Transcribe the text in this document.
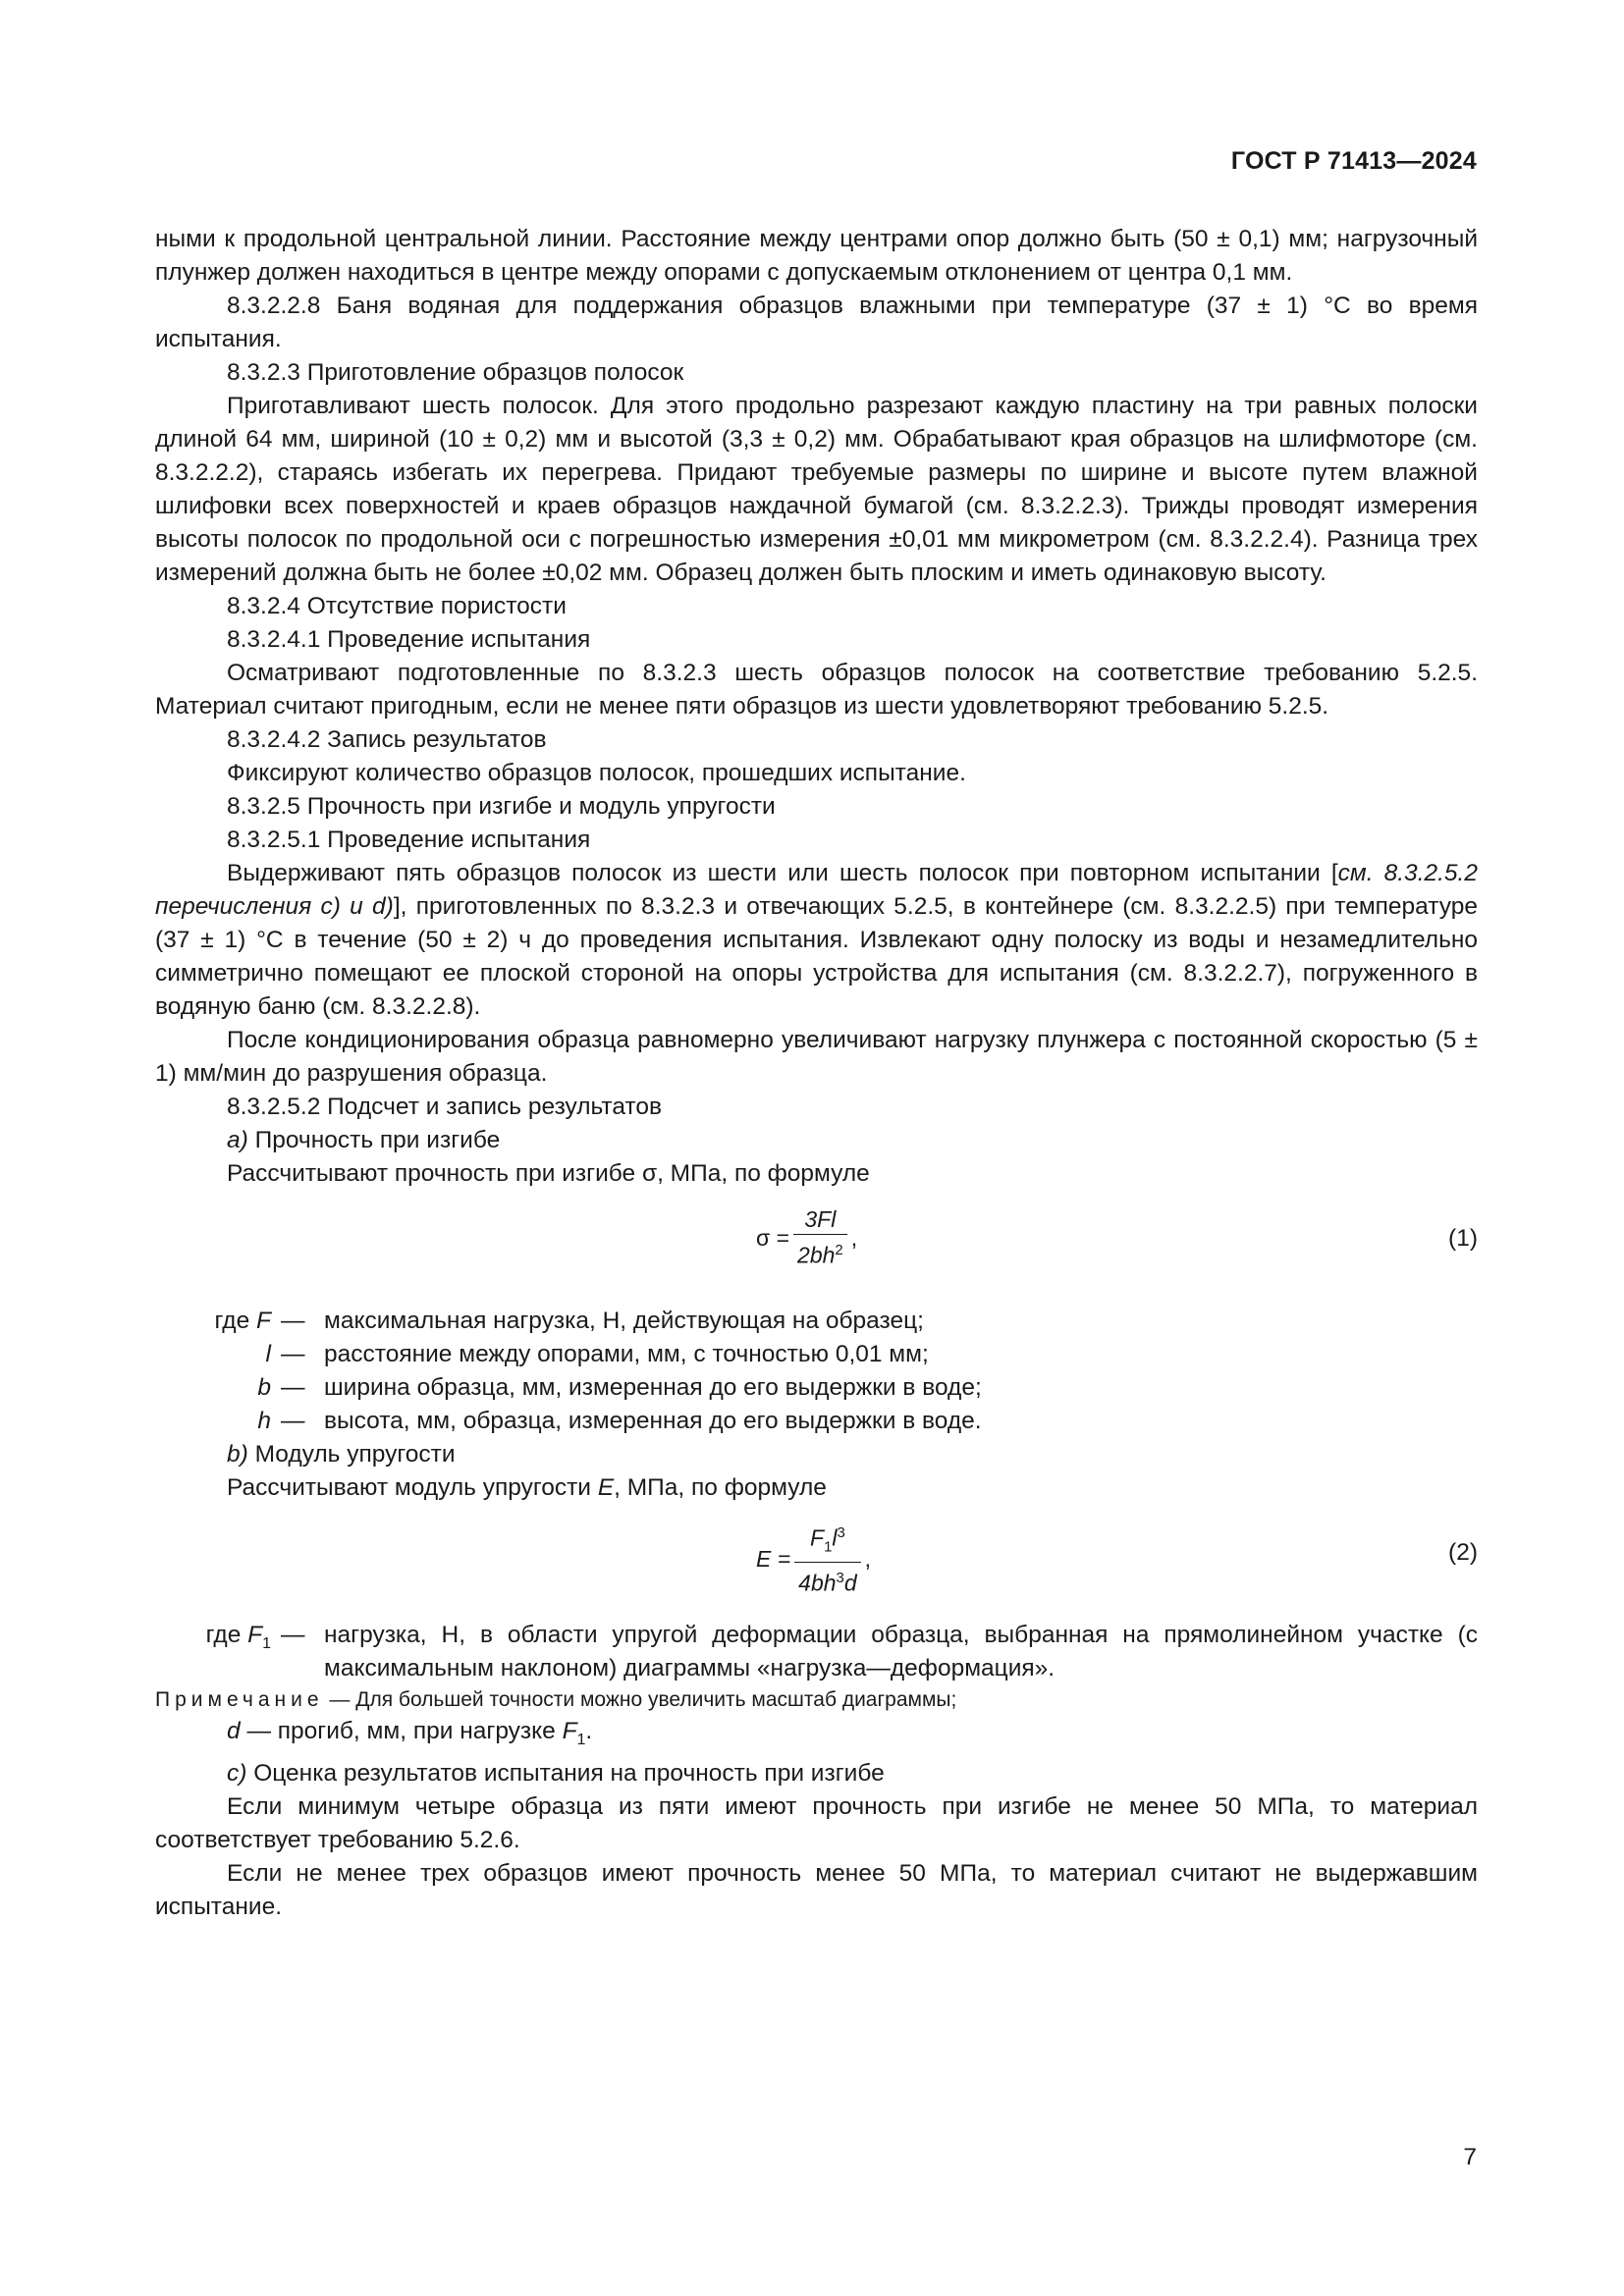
ГОСТ Р 71413—2024

ными к продольной центральной линии. Расстояние между центрами опор должно быть (50 ± 0,1) мм; нагрузочный плунжер должен находиться в центре между опорами с допускаемым отклонением от центра 0,1 мм.

8.3.2.2.8 Баня водяная для поддержания образцов влажными при температуре (37 ± 1) °С во время испытания.

8.3.2.3 Приготовление образцов полосок

Приготавливают шесть полосок. Для этого продольно разрезают каждую пластину на три равных полоски длиной 64 мм, шириной (10 ± 0,2) мм и высотой (3,3 ± 0,2) мм. Обрабатывают края образцов на шлифмоторе (см. 8.3.2.2.2), стараясь избегать их перегрева. Придают требуемые размеры по ширине и высоте путем влажной шлифовки всех поверхностей и краев образцов наждачной бумагой (см. 8.3.2.2.3). Трижды проводят измерения высоты полосок по продольной оси с погрешностью измерения ±0,01 мм микрометром (см. 8.3.2.2.4). Разница трех измерений должна быть не более ±0,02 мм. Образец должен быть плоским и иметь одинаковую высоту.

8.3.2.4 Отсутствие пористости

8.3.2.4.1 Проведение испытания

Осматривают подготовленные по 8.3.2.3 шесть образцов полосок на соответствие требованию 5.2.5. Материал считают пригодным, если не менее пяти образцов из шести удовлетворяют требованию 5.2.5.

8.3.2.4.2 Запись результатов

Фиксируют количество образцов полосок, прошедших испытание.

8.3.2.5 Прочность при изгибе и модуль упругости

8.3.2.5.1 Проведение испытания

Выдерживают пять образцов полосок из шести или шесть полосок при повторном испытании [см. 8.3.2.5.2 перечисления c) и d)], приготовленных по 8.3.2.3 и отвечающих 5.2.5, в контейнере (см. 8.3.2.2.5) при температуре (37 ± 1) °С в течение (50 ± 2) ч до проведения испытания. Извлекают одну полоску из воды и незамедлительно симметрично помещают ее плоской стороной на опоры устройства для испытания (см. 8.3.2.2.7), погруженного в водяную баню (см. 8.3.2.2.8).

После кондиционирования образца равномерно увеличивают нагрузку плунжера с постоянной скоростью (5 ± 1) мм/мин до разрушения образца.

8.3.2.5.2 Подсчет и запись результатов

a) Прочность при изгибе

Рассчитывают прочность при изгибе σ, МПа, по формуле

$\sigma = \frac{3Fl}{2bh^2}$ ,	(1)
где F — максимальная нагрузка, Н, действующая на образец;
l — расстояние между опорами, мм, с точностью 0,01 мм;
b — ширина образца, мм, измеренная до его выдержки в воде;
h — высота, мм, образца, измеренная до его выдержки в воде.

b) Модуль упругости

Рассчитывают модуль упругости E, МПа, по формуле

$E = \frac{F_1l^3}{4bh^3d}$ ,	(2)
где $F_1$ — нагрузка, Н, в области упругой деформации образца, выбранная на прямолинейном участке (с максимальным наклоном) диаграммы «нагрузка—деформация».

Примечание — Для большей точности можно увеличить масштаб диаграммы;

d — прогиб, мм, при нагрузке $F_1$.

c) Оценка результатов испытания на прочность при изгибе

Если минимум четыре образца из пяти имеют прочность при изгибе не менее 50 МПа, то материал соответствует требованию 5.2.6.

Если не менее трех образцов имеют прочность менее 50 МПа, то материал считают не выдержавшим испытание.

7
